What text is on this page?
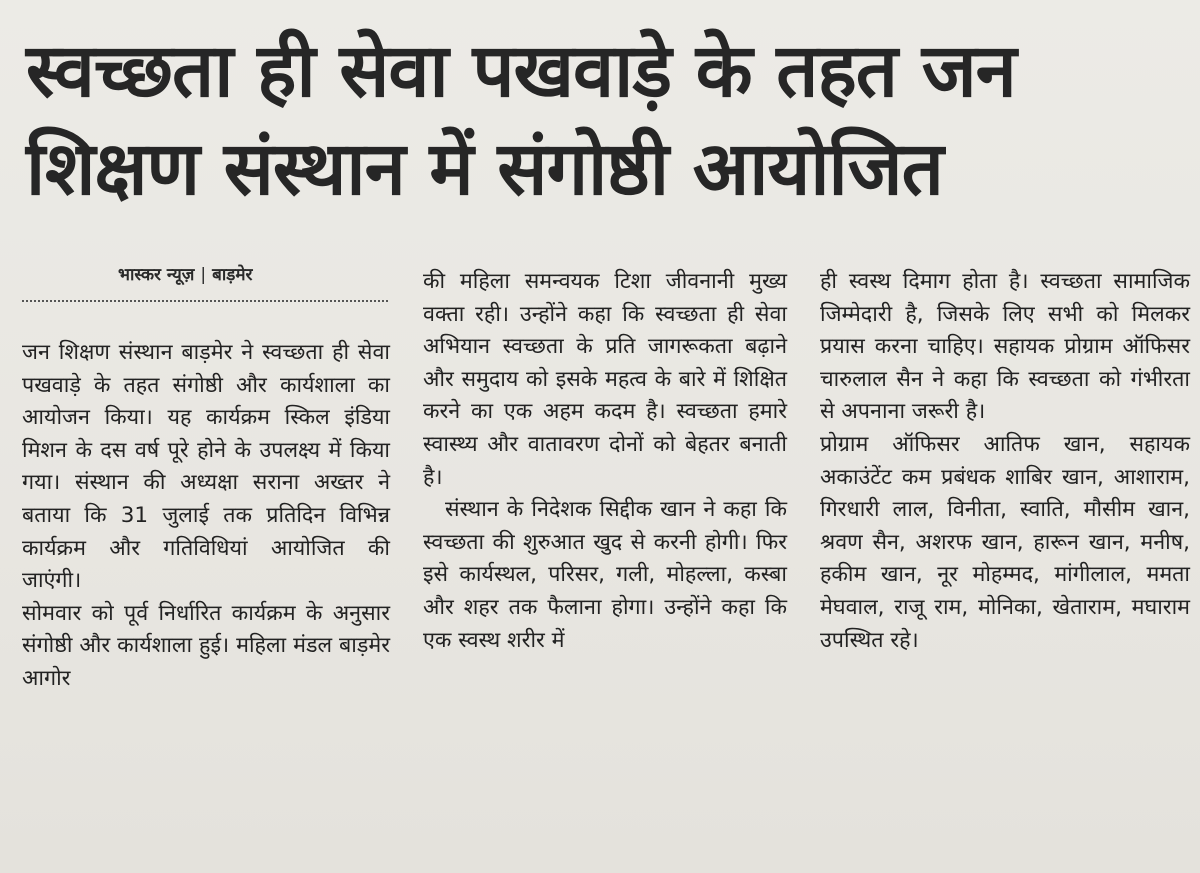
स्वच्छता ही सेवा पखवाड़े के तहत जन
शिक्षण संस्थान में संगोष्ठी आयोजित
भास्कर न्यूज़ | बाड़मेर

जन शिक्षण संस्थान बाड़मेर ने स्वच्छता ही सेवा पखवाड़े के तहत संगोष्ठी और कार्यशाला का आयोजन किया। यह कार्यक्रम स्किल इंडिया मिशन के दस वर्ष पूरे होने के उपलक्ष्य में किया गया। संस्थान की अध्यक्षा सराना अख्तर ने बताया कि 31 जुलाई तक प्रतिदिन विभिन्न कार्यक्रम और गतिविधियां आयोजित की जाएंगी।

सोमवार को पूर्व निर्धारित कार्यक्रम के अनुसार संगोष्ठी और कार्यशाला हुई। महिला मंडल बाड़मेर आगोर

की महिला समन्वयक टिशा जीवनानी मुख्य वक्ता रही। उन्होंने कहा कि स्वच्छता ही सेवा अभियान स्वच्छता के प्रति जागरूकता बढ़ाने और समुदाय को इसके महत्व के बारे में शिक्षित करने का एक अहम कदम है। स्वच्छता हमारे स्वास्थ्य और वातावरण दोनों को बेहतर बनाती है।

संस्थान के निदेशक सिद्दीक खान ने कहा कि स्वच्छता की शुरुआत खुद से करनी होगी। फिर इसे कार्यस्थल, परिसर, गली, मोहल्ला, कस्बा और शहर तक फैलाना होगा। उन्होंने कहा कि एक स्वस्थ शरीर में

ही स्वस्थ दिमाग होता है। स्वच्छता सामाजिक जिम्मेदारी है, जिसके लिए सभी को मिलकर प्रयास करना चाहिए। सहायक प्रोग्राम ऑफिसर चारुलाल सैन ने कहा कि स्वच्छता को गंभीरता से अपनाना जरूरी है।

प्रोग्राम ऑफिसर आतिफ खान, सहायक अकाउंटेंट कम प्रबंधक शाबिर खान, आशाराम, गिरधारी लाल, विनीता, स्वाति, मौसीम खान, श्रवण सैन, अशरफ खान, हारून खान, मनीष, हकीम खान, नूर मोहम्मद, मांगीलाल, ममता मेघवाल, राजू राम, मोनिका, खेताराम, मघाराम उपस्थित रहे।
